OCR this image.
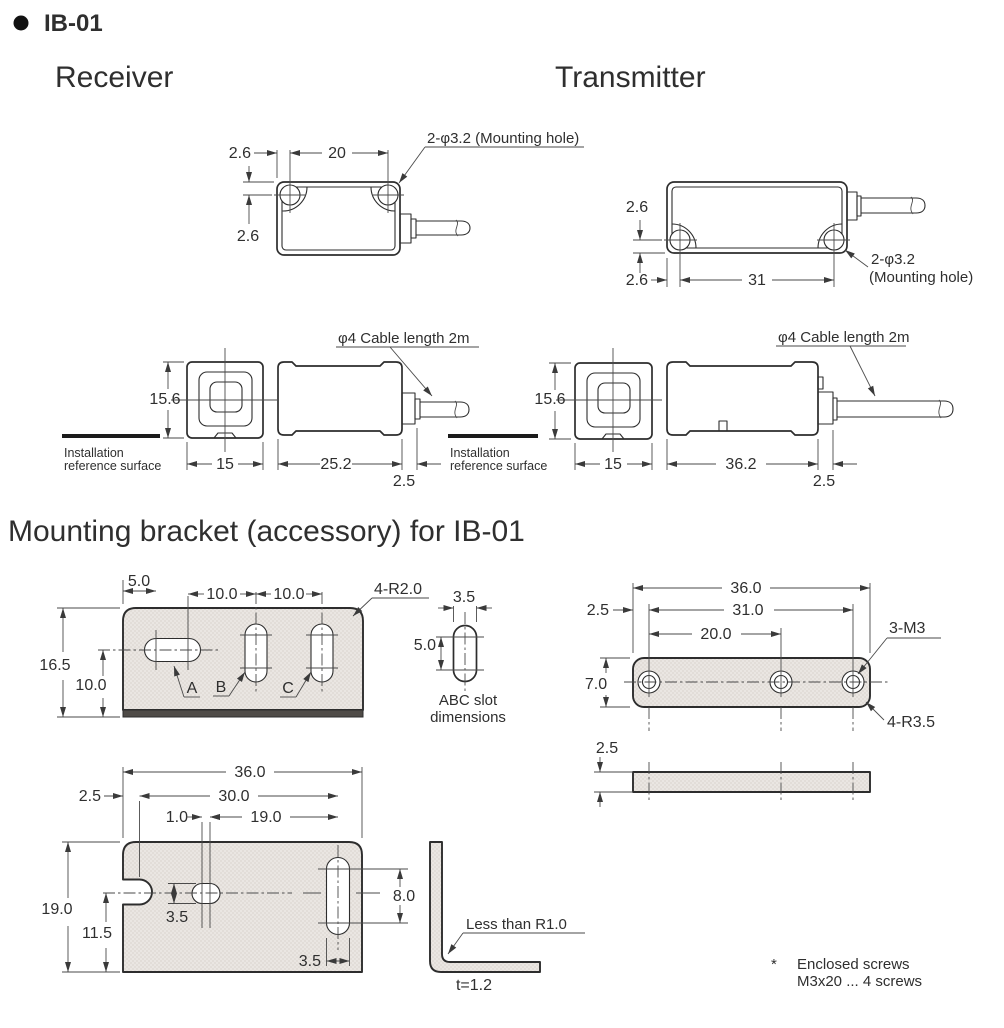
IB-01
Receiver	Transmitter
2.6
2.6	20
2-φ3.2 (Mounting hole)
2.6
2.6	31
2-φ3.2
(Mounting hole)
Installation
reference surface
15.6
15	25.2
2.5
φ4 Cable length 2m
Installation
reference surface
15.6
15	36.2
2.5
φ4 Cable length 2m
Mounting bracket (accessory) for IB-01
5.0
10.0 10.0	4-R2.0
16.5
10.0	A B	C
3.5
5.0
ABC slot
dimensions
36.0
2.5	31.0
20.0	3-M3
7.0
4-R3.5
2.5
36.0
2.5	30.0
1.0	19.0
19.0
11.5
3.5
8.0
3.5
Less than R1.0
t=1.2
* Enclosed screws
M3x20 ... 4 screws
